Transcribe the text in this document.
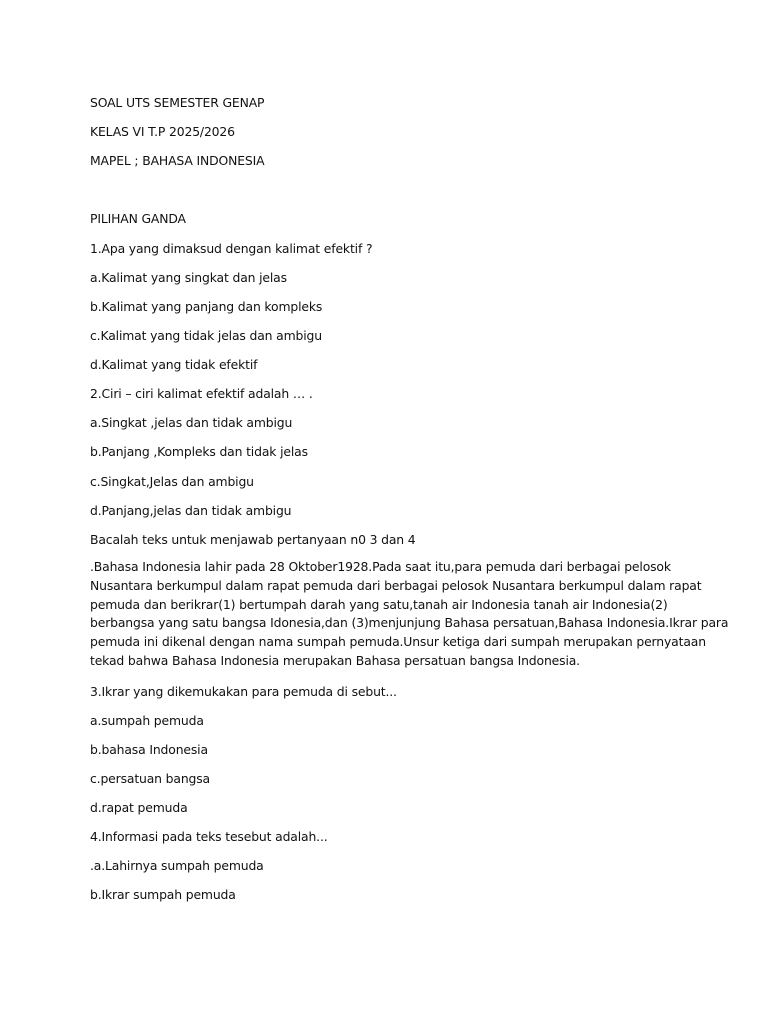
SOAL UTS SEMESTER GENAP
KELAS VI T.P 2025/2026
MAPEL ; BAHASA INDONESIA
PILIHAN GANDA
1.Apa yang dimaksud dengan kalimat efektif ?
a.Kalimat yang singkat dan jelas
b.Kalimat yang panjang dan kompleks
c.Kalimat yang tidak jelas dan ambigu
d.Kalimat yang tidak efektif
2.Ciri – ciri kalimat efektif adalah … .
a.Singkat ,jelas dan tidak ambigu
b.Panjang ,Kompleks dan tidak jelas
c.Singkat,Jelas dan ambigu
d.Panjang,jelas dan tidak ambigu
Bacalah teks untuk menjawab pertanyaan n0 3 dan 4
.Bahasa Indonesia lahir pada 28 Oktober1928.Pada saat itu,para pemuda dari berbagai pelosok
Nusantara berkumpul dalam rapat pemuda dari berbagai pelosok Nusantara berkumpul dalam rapat
pemuda dan berikrar(1) bertumpah darah yang satu,tanah air Indonesia tanah air Indonesia(2)
berbangsa yang satu bangsa Idonesia,dan (3)menjunjung Bahasa persatuan,Bahasa Indonesia.Ikrar para
pemuda ini dikenal dengan nama sumpah pemuda.Unsur ketiga dari sumpah merupakan pernyataan
tekad bahwa Bahasa Indonesia merupakan Bahasa persatuan bangsa Indonesia.
3.Ikrar yang dikemukakan para pemuda di sebut...
a.sumpah pemuda
b.bahasa Indonesia
c.persatuan bangsa
d.rapat pemuda
4.Informasi pada teks tesebut adalah...
.a.Lahirnya sumpah pemuda
b.Ikrar sumpah pemuda
